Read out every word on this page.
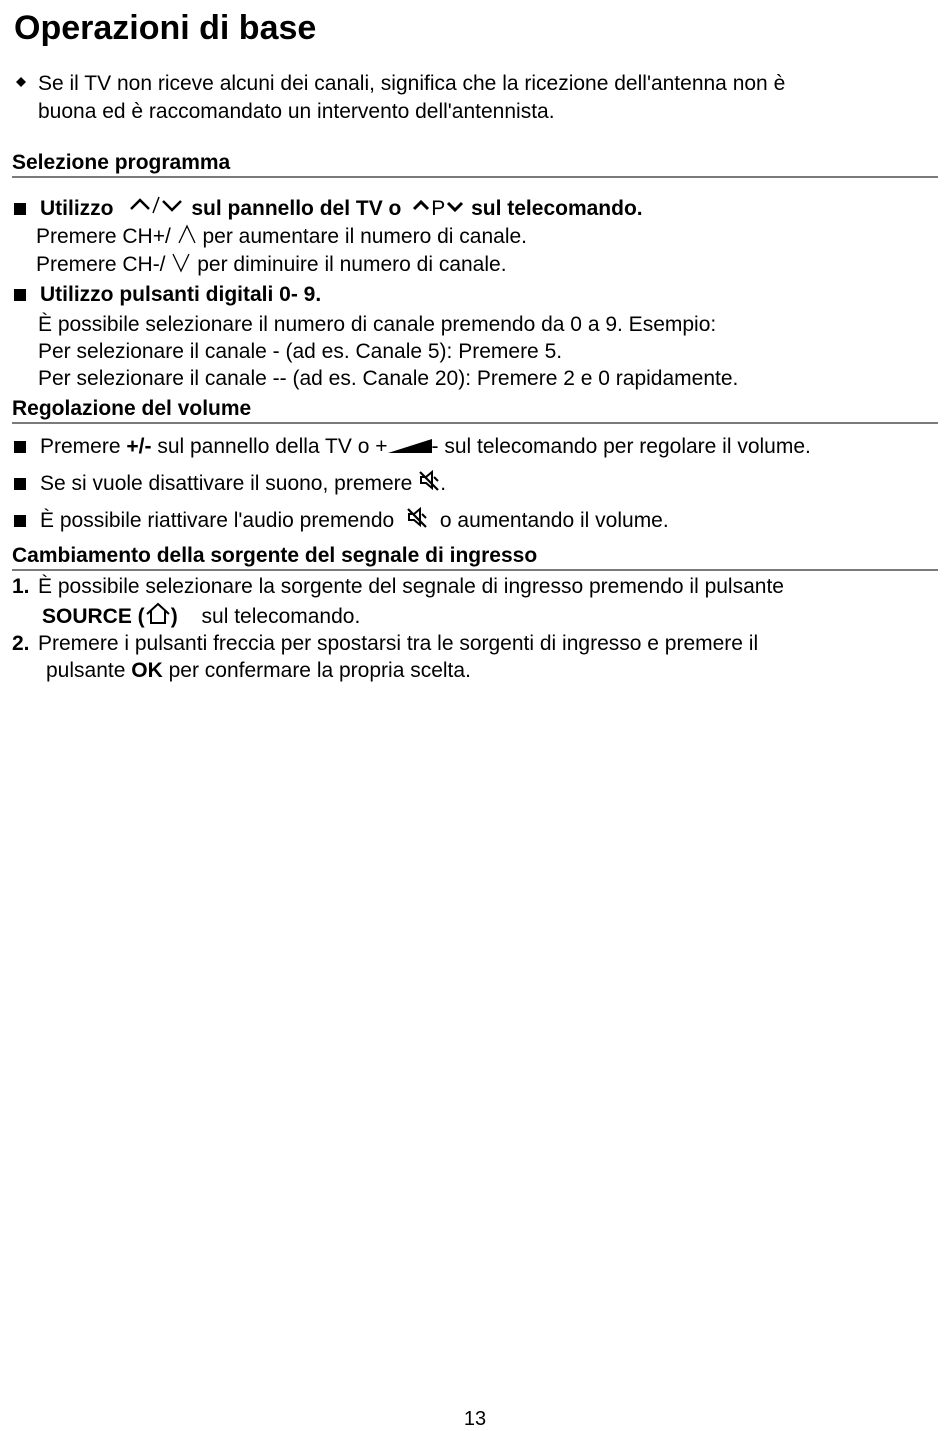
Operazioni di base
Se il TV non riceve alcuni dei canali, significa che la ricezione dell'antenna non è
buona ed è raccomandato un intervento dell'antennista.
Selezione programma
Utilizzo	sul pannello del TV o P sul telecomando.
Premere CH+/ per aumentare il numero di canale.
Premere CH-/ per diminuire il numero di canale.
Utilizzo pulsanti digitali 0- 9.
È possibile selezionare il numero di canale premendo da 0 a 9. Esempio:
Per selezionare il canale - (ad es. Canale 5): Premere 5.
Per selezionare il canale -- (ad es. Canale 20): Premere 2 e 0 rapidamente.
Regolazione del volume
Premere +/- sul pannello della TV o + - sul telecomando per regolare il volume.
Se si vuole disattivare il suono, premere .
È possibile riattivare l'audio premendo o aumentando il volume.
Cambiamento della sorgente del segnale di ingresso
1. È possibile selezionare la sorgente del segnale di ingresso premendo il pulsante
SOURCE ( ) sul telecomando.
2. Premere i pulsanti freccia per spostarsi tra le sorgenti di ingresso e premere il
pulsante OK per confermare la propria scelta.
13
